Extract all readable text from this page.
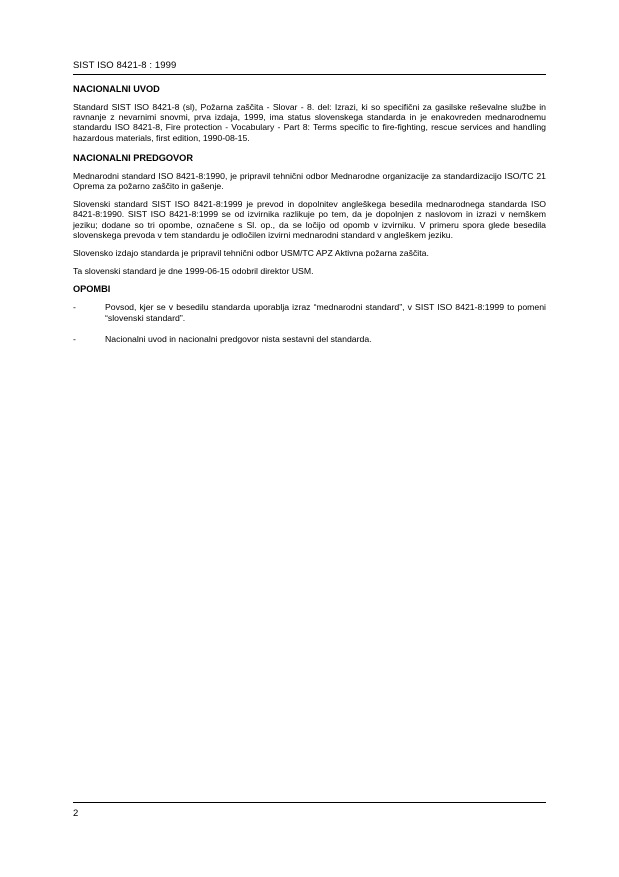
SIST ISO 8421-8 : 1999
NACIONALNI UVOD

Standard SIST ISO 8421-8 (sl), Požarna zaščita - Slovar - 8. del: Izrazi, ki so specifični za gasilske reševalne službe in ravnanje z nevarnimi snovmi, prva izdaja, 1999, ima status slovenskega standarda in je enakovreden mednarodnemu standardu ISO 8421-8, Fire protection - Vocabulary - Part 8: Terms specific to fire-fighting, rescue services and handling hazardous materials, first edition, 1990-08-15.

NACIONALNI PREDGOVOR

Mednarodni standard ISO 8421-8:1990, je pripravil tehnični odbor Mednarodne organizacije za standardizacijo ISO/TC 21 Oprema za požarno zaščito in gašenje.

Slovenski standard SIST ISO 8421-8:1999 je prevod in dopolnitev angleškega besedila mednarodnega standarda ISO 8421-8:1990. SIST ISO 8421-8:1999 se od izvirnika razlikuje po tem, da je dopolnjen z naslovom in izrazi v nemškem jeziku; dodane so tri opombe, označene s Sl. op., da se ločijo od opomb v izvirniku. V primeru spora glede besedila slovenskega prevoda v tem standardu je odločilen izvirni mednarodni standard v angleškem jeziku.

Slovensko izdajo standarda je pripravil tehnični odbor USM/TC APZ Aktivna požarna zaščita.

Ta slovenski standard je dne 1999-06-15 odobril direktor USM.

OPOMBI
-	Povsod, kjer se v besedilu standarda uporablja izraz “mednarodni standard”, v SIST ISO 8421-8:1999 to pomeni “slovenski standard”.
-	Nacionalni uvod in nacionalni predgovor nista sestavni del standarda.
2
